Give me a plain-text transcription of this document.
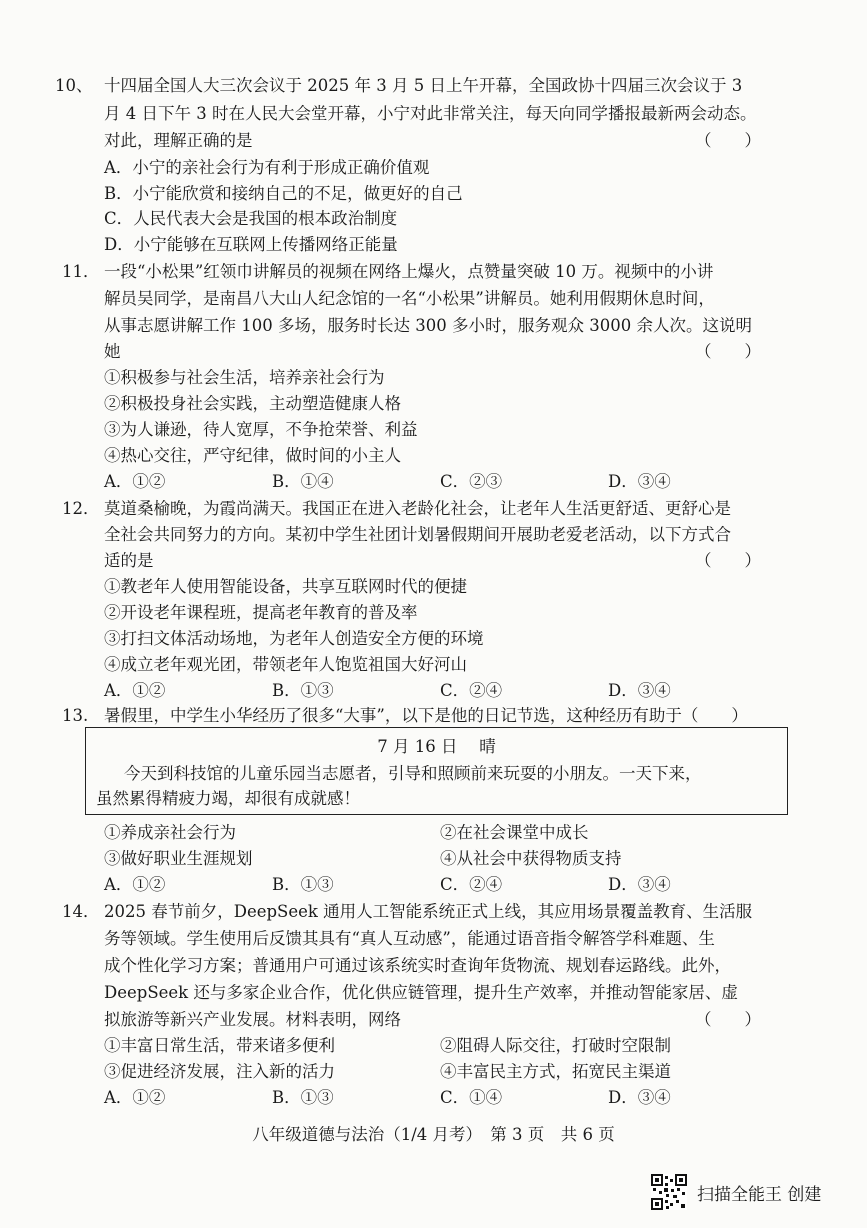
10、 十四届全国人大三次会议于 2025 年 3 月 5 日上午开幕，全国政协十四届三次会议于 3
月 4 日下午 3 时在人民大会堂开幕，小宁对此非常关注，每天向同学播报最新两会动态。
对此，理解正确的是	（　　）
A．小宁的亲社会行为有利于形成正确价值观
B．小宁能欣赏和接纳自己的不足，做更好的自己
C．人民代表大会是我国的根本政治制度
D．小宁能够在互联网上传播网络正能量
11． 一段“小松果”红领巾讲解员的视频在网络上爆火，点赞量突破 10 万。视频中的小讲
解员吴同学，是南昌八大山人纪念馆的一名“小松果”讲解员。她利用假期休息时间，
从事志愿讲解工作 100 多场，服务时长达 300 多小时，服务观众 3000 余人次。这说明
她	（　　）
①积极参与社会生活，培养亲社会行为
②积极投身社会实践，主动塑造健康人格
③为人谦逊，待人宽厚，不争抢荣誉、利益
④热心交往，严守纪律，做时间的小主人
A．①②	B．①④	C．②③	D．③④
12． 莫道桑榆晚，为霞尚满天。我国正在进入老龄化社会，让老年人生活更舒适、更舒心是
全社会共同努力的方向。某初中学生社团计划暑假期间开展助老爱老活动，以下方式合
适的是	（　　）
①教老年人使用智能设备，共享互联网时代的便捷
②开设老年课程班，提高老年教育的普及率
③打扫文体活动场地，为老年人创造安全方便的环境
④成立老年观光团，带领老年人饱览祖国大好河山
A．①②	B．①③	C．②④	D．③④
13. 暑假里，中学生小华经历了很多“大事”，以下是他的日记节选，这种经历有助于（　　）
7 月 16 日　 晴
今天到科技馆的儿童乐园当志愿者，引导和照顾前来玩耍的小朋友。一天下来，
虽然累得精疲力竭，却很有成就感！
①养成亲社会行为	②在社会课堂中成长
③做好职业生涯规划	④从社会中获得物质支持
A．①②	B．①③	C．②④	D．③④
14． 2025 春节前夕，DeepSeek 通用人工智能系统正式上线，其应用场景覆盖教育、生活服
务等领域。学生使用后反馈其具有“真人互动感”，能通过语音指令解答学科难题、生
成个性化学习方案；普通用户可通过该系统实时查询年货物流、规划春运路线。此外，
DeepSeek 还与多家企业合作，优化供应链管理，提升生产效率，并推动智能家居、虚
拟旅游等新兴产业发展。材料表明，网络	（　　）
①丰富日常生活，带来诸多便利	②阻碍人际交往，打破时空限制
③促进经济发展，注入新的活力	④丰富民主方式，拓宽民主渠道
A．①②	B．①③	C．①④	D．③④
八年级道德与法治（1/4 月考）　第 3 页　共 6 页
扫描全能王 创建
